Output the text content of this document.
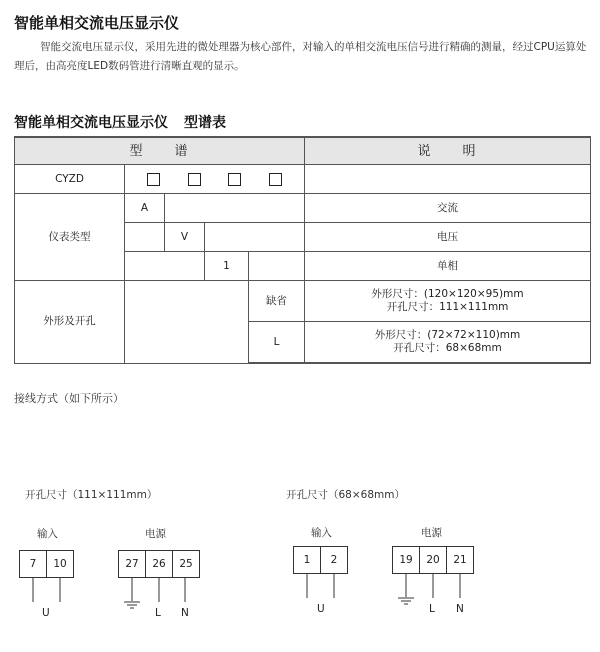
智能单相交流电压显示仪
智能交流电压显示仪，采用先进的微处理器为核心部件，对输入的单相交流电压信号进行精确的测量，经过CPU运算处理后，由高亮度LED数码管进行清晰直观的显示。
智能单相交流电压显示仪 型谱表
型　　谱					说　　明
CYZD				

仪表类型	A				交流
		V			电压
			1		单相
外形及开孔				缺省	外形尺寸：(120×120×95)mm
开孔尺寸：111×111mm

				L	外形尺寸：(72×72×110)mm
开孔尺寸：68×68mm
接线方式（如下所示）
开孔尺寸（111×111mm）
输入	电源
7	10	27	26	25
开孔尺寸（68×68mm）
输入	电源
1	2	19	20	21
U	L N	U	L N
